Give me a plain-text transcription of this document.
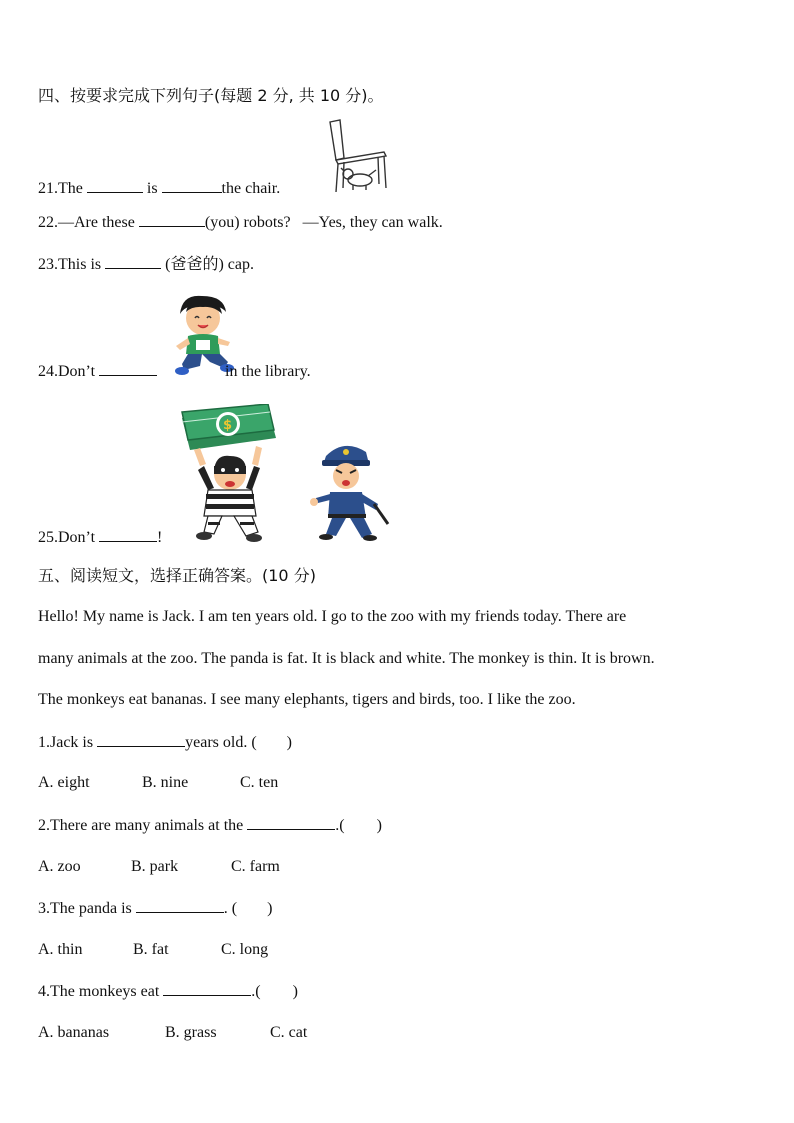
四、按要求完成下列句子(每题 2 分, 共 10 分)。
21.The	is	the chair.
22.—Are these	(you) robots? —Yes, they can walk.
23.This is	(爸爸的) cap.
24.Don’t	in the library.
$
25.Don’t	!
五、阅读短文，选择正确答案。(10 分)
Hello! My name is Jack. I am ten years old. I go to the zoo with my friends today. There are
many animals at the zoo. The panda is fat. It is black and white. The monkey is thin. It is brown.
The monkeys eat bananas. I see many elephants, tigers and birds, too. I like the zoo.
1.Jack is	years old. ( )
A. eight	B. nine	C. ten
2.There are many animals at the	.( )
A. zoo	B. park	C. farm
3.The panda is	. ( )
A. thin	B. fat	C. long
4.The monkeys eat	.( )
A. bananas	B. grass	C. cat
